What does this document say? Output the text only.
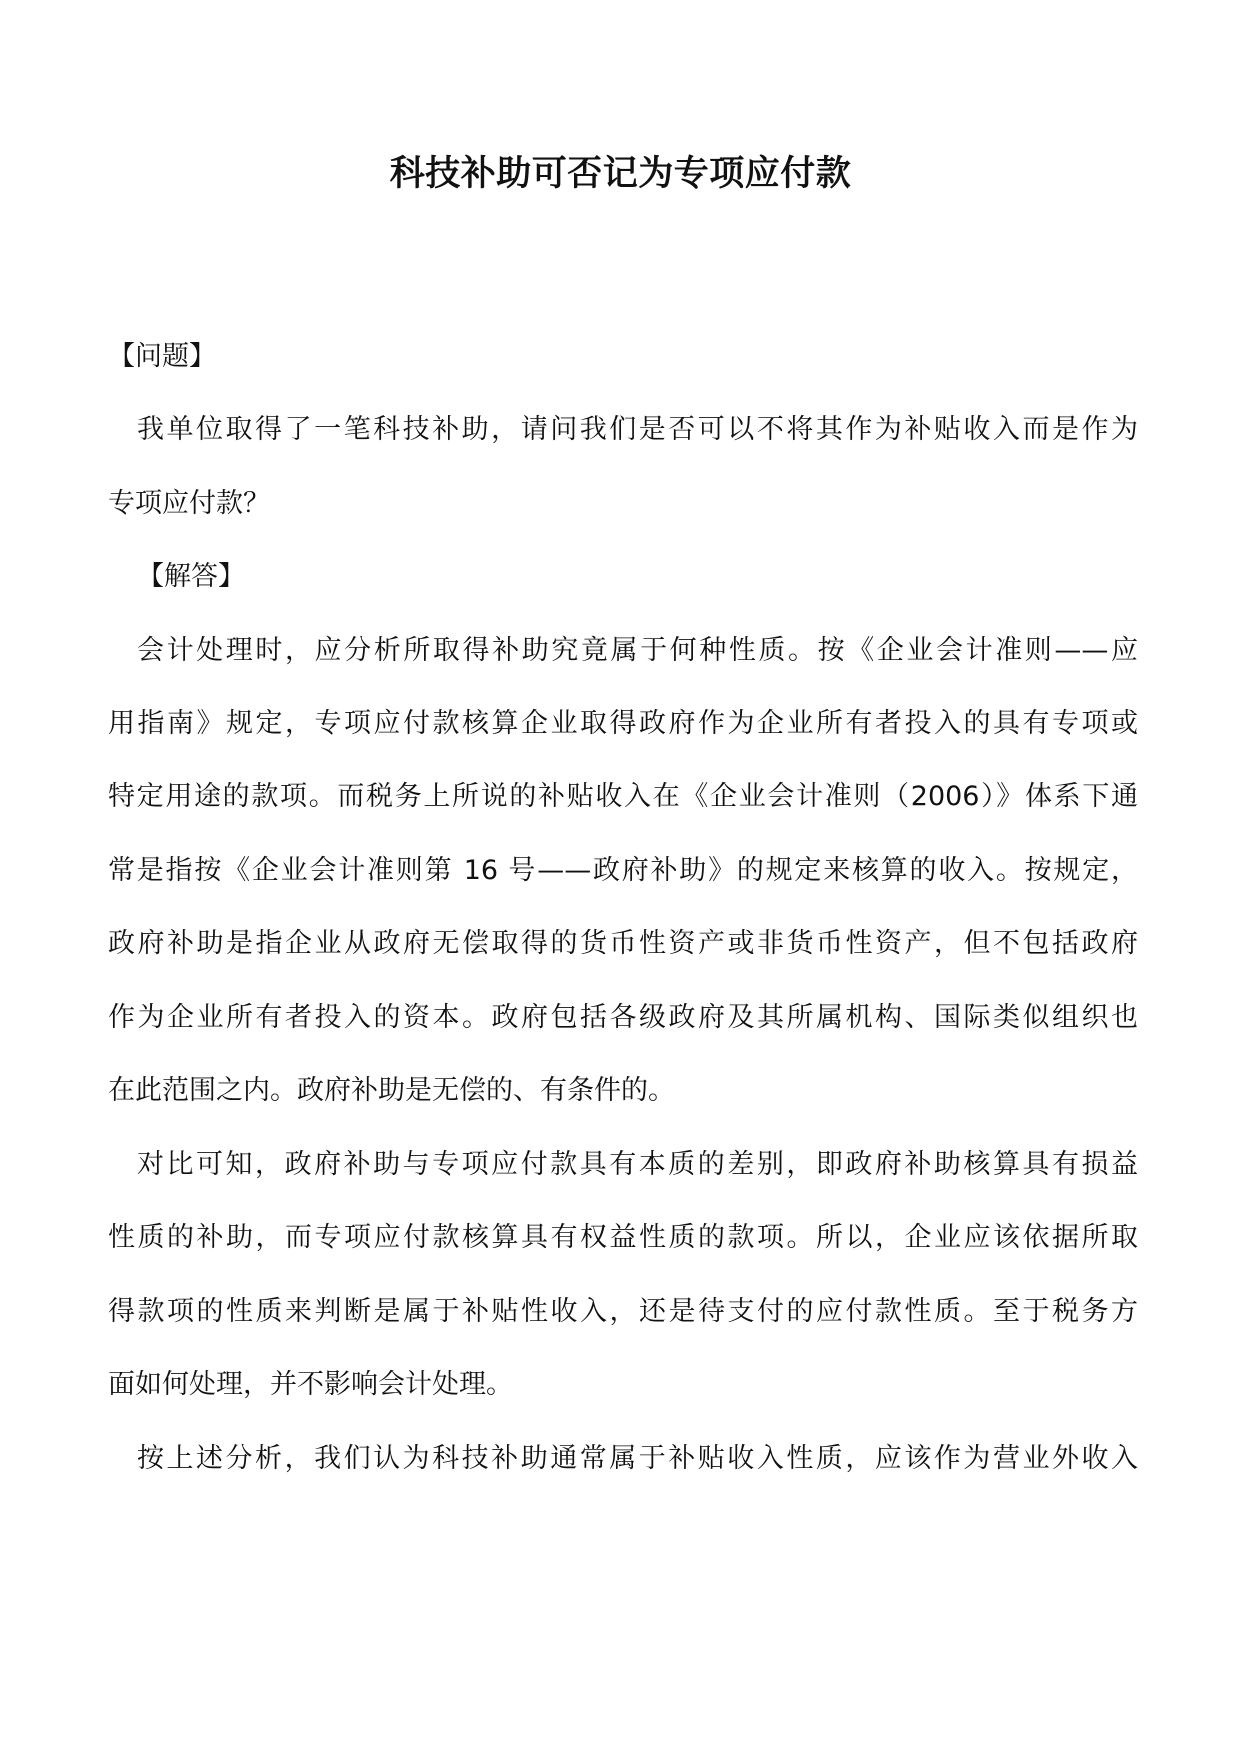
科技补助可否记为专项应付款
【问题】
我单位取得了一笔科技补助，请问我们是否可以不将其作为补贴收入而是作为
专项应付款？
【解答】
会计处理时，应分析所取得补助究竟属于何种性质。按《企业会计准则——应
用指南》规定，专项应付款核算企业取得政府作为企业所有者投入的具有专项或
特定用途的款项。而税务上所说的补贴收入在《企业会计准则（2006）》体系下通
常是指按《企业会计准则第 16 号——政府补助》的规定来核算的收入。按规定，
政府补助是指企业从政府无偿取得的货币性资产或非货币性资产，但不包括政府
作为企业所有者投入的资本。政府包括各级政府及其所属机构、国际类似组织也
在此范围之内。政府补助是无偿的、有条件的。
对比可知，政府补助与专项应付款具有本质的差别，即政府补助核算具有损益
性质的补助，而专项应付款核算具有权益性质的款项。所以，企业应该依据所取
得款项的性质来判断是属于补贴性收入，还是待支付的应付款性质。至于税务方
面如何处理，并不影响会计处理。
按上述分析，我们认为科技补助通常属于补贴收入性质，应该作为营业外收入
